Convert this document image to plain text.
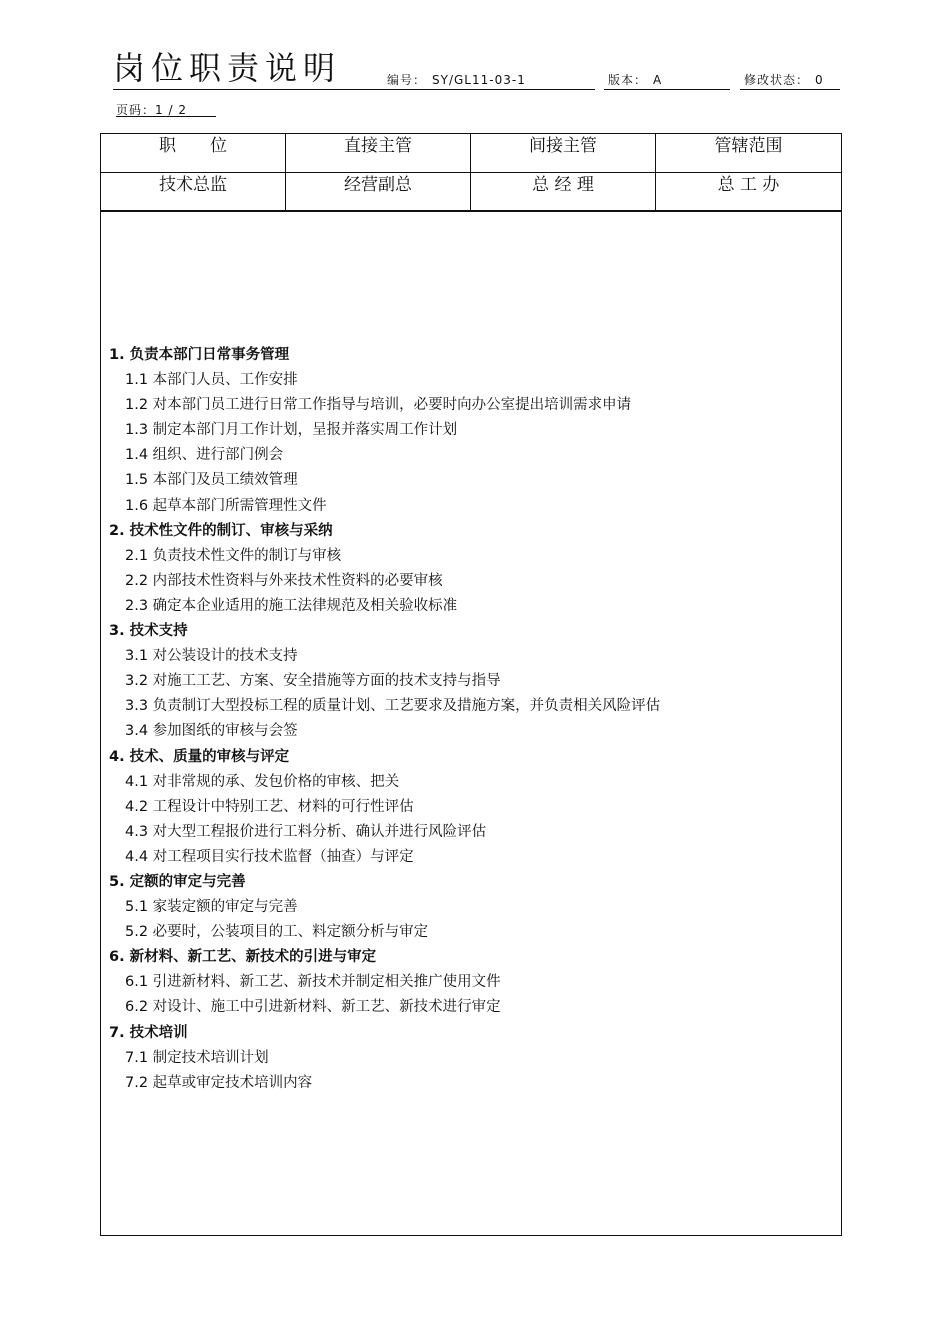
岗位职责说明	编号： SY/GL11-03-1	版本： A	修改状态： 0
页码：1 / 2
职　　位	直接主管	间接主管	管辖范围
技术总监	经营副总	总 经 理	总 工 办
1. 负责本部门日常事务管理
1.1 本部门人员、工作安排
1.2 对本部门员工进行日常工作指导与培训，必要时向办公室提出培训需求申请
1.3 制定本部门月工作计划，呈报并落实周工作计划
1.4 组织、进行部门例会
1.5 本部门及员工绩效管理
1.6 起草本部门所需管理性文件
2. 技术性文件的制订、审核与采纳
2.1 负责技术性文件的制订与审核
2.2 内部技术性资料与外来技术性资料的必要审核
2.3 确定本企业适用的施工法律规范及相关验收标准
3. 技术支持
3.1 对公装设计的技术支持
3.2 对施工工艺、方案、安全措施等方面的技术支持与指导
3.3 负责制订大型投标工程的质量计划、工艺要求及措施方案，并负责相关风险评估
3.4 参加图纸的审核与会签
4. 技术、质量的审核与评定
4.1 对非常规的承、发包价格的审核、把关
4.2 工程设计中特别工艺、材料的可行性评估
4.3 对大型工程报价进行工料分析、确认并进行风险评估
4.4 对工程项目实行技术监督（抽查）与评定
5. 定额的审定与完善
5.1 家装定额的审定与完善
5.2 必要时，公装项目的工、料定额分析与审定
6. 新材料、新工艺、新技术的引进与审定
6.1 引进新材料、新工艺、新技术并制定相关推广使用文件
6.2 对设计、施工中引进新材料、新工艺、新技术进行审定
7. 技术培训
7.1 制定技术培训计划
7.2 起草或审定技术培训内容
